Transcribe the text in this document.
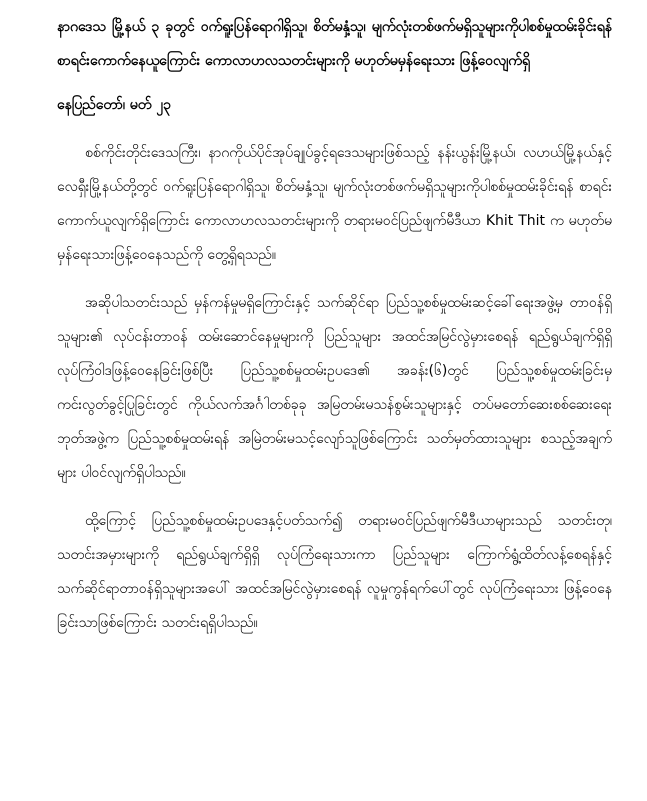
နာဂဒေသ မြို့နယ် ၃ ခုတွင် ဝက်ရူးပြန်ရောဂါရှိသူ၊ စိတ်မနှံ့သူ၊ မျက်လုံးတစ်ဖက်မရှိသူများကိုပါစစ်မှုထမ်းခိုင်းရန်စာရင်းကောက်နေယူကြောင်း ကောလာဟလသတင်းများကို မဟုတ်မမှန်ရေးသား ဖြန့်ဝေလျက်ရှိ

နေပြည်တော်၊ မတ် ၂၃

စစ်ကိုင်းတိုင်းဒေသကြီး၊ နာဂကိုယ်ပိုင်အုပ်ချုပ်ခွင့်ရဒေသများဖြစ်သည့် နန်းယွန်းမြို့နယ်၊ လဟယ်မြို့နယ်နှင့် လေရှီးမြို့နယ်တို့တွင် ဝက်ရူးပြန်ရောဂါရှိသူ၊ စိတ်မနှံ့သူ၊ မျက်လုံးတစ်ဖက်မရှိသူများကိုပါစစ်မှုထမ်းခိုင်းရန် စာရင်းကောက်ယူလျက်ရှိကြောင်း ကောလာဟလသတင်းများကို တရားမဝင်ပြည်ဖျက်မီဒီယာ Khit Thit က မဟုတ်မမှန်ရေးသားဖြန့်ဝေနေသည်ကို တွေ့ရှိရသည်။

အဆိုပါသတင်းသည် မှန်ကန်မှုမရှိကြောင်းနှင့် သက်ဆိုင်ရာ ပြည်သူ့စစ်မှုထမ်းဆင့်ခေါ်ရေးအဖွဲ့မှ တာဝန်ရှိသူများ၏ လုပ်ငန်းတာဝန် ထမ်းဆောင်နေမှုများကို ပြည်သူများ အထင်အမြင်လွဲမှားစေရန် ရည်ရွယ်ချက်ရှိရှိ လုပ်ကြံဝါဒဖြန့်ဝေနေခြင်းဖြစ်ပြီး ပြည်သူ့စစ်မှုထမ်းဥပဒေ၏ အခန်း(၆)တွင် ပြည်သူ့စစ်မှုထမ်းခြင်းမှ ကင်းလွတ်ခွင့်ပြုခြင်းတွင် ကိုယ်လက်အင်္ဂါတစ်ခုခု အမြတမ်းမသန်စွမ်းသူများနှင့် တပ်မတော်ဆေးစစ်ဆေးရေးဘုတ်အဖွဲ့က ပြည်သူ့စစ်မှုထမ်းရန် အမြဲတမ်းမသင့်လျော်သူဖြစ်ကြောင်း သတ်မှတ်ထားသူများ စသည့်အချက်များ ပါဝင်လျက်ရှိပါသည်။

ထို့ကြောင့် ပြည်သူ့စစ်မှုထမ်းဥပဒေနှင့်ပတ်သက်၍ တရားမဝင်ပြည်ဖျက်မီဒီယာများသည် သတင်းတု၊ သတင်းအမှားများကို ရည်ရွယ်ချက်ရှိရှိ လုပ်ကြံရေးသားကာ ပြည်သူများ ကြောက်ရွံ့ထိတ်လန့်စေရန်နှင့် သက်ဆိုင်ရာတာဝန်ရှိသူများအပေါ် အထင်အမြင်လွဲမှားစေရန် လူမှုကွန်ရက်ပေါ်တွင် လုပ်ကြံရေးသား ဖြန့်ဝေနေခြင်းသာဖြစ်ကြောင်း သတင်းရရှိပါသည်။
